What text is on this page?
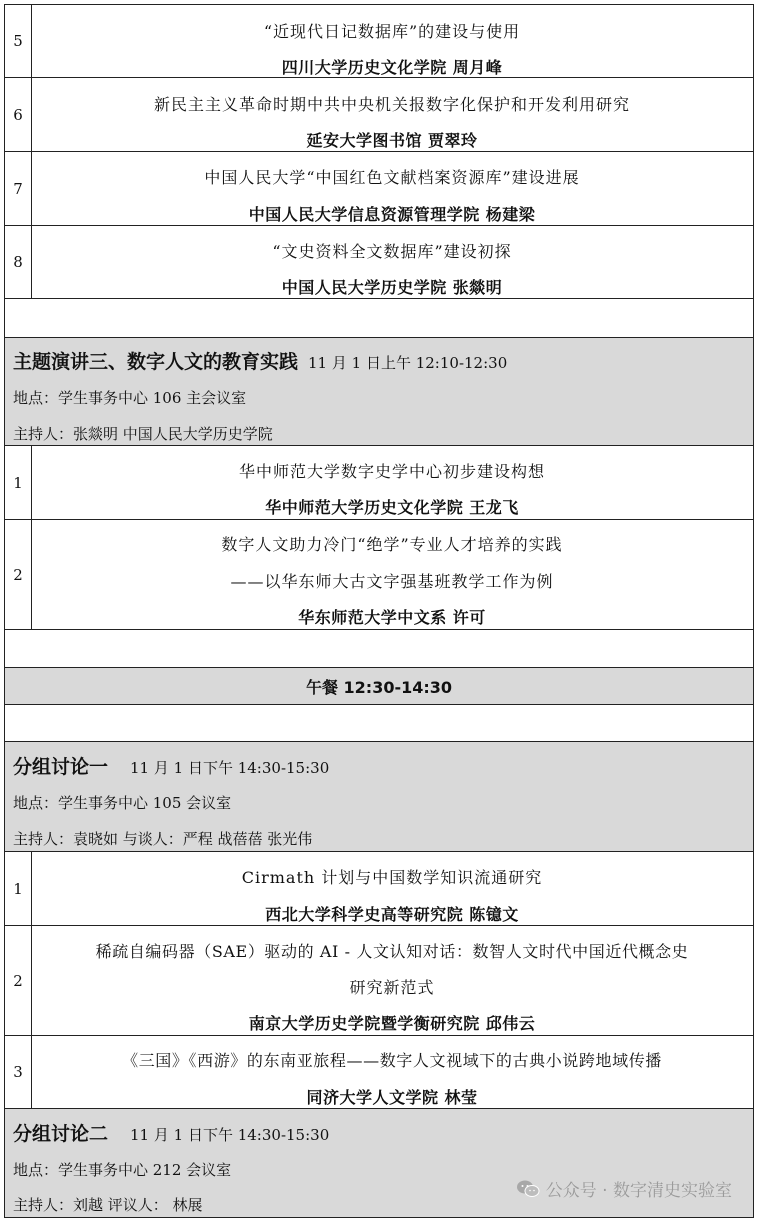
5	“近现代日记数据库”的建设与使用
四川大学历史文化学院 周月峰
6
新民主主义革命时期中共中央机关报数字化保护和开发利用研究
延安大学图书馆 贾翠玲
7
中国人民大学“中国红色文献档案资源库”建设进展
中国人民大学信息资源管理学院 杨建梁
8
“文史资料全文数据库”建设初探
中国人民大学历史学院 张燚明
主题演讲三、数字人文的教育实践 11 月 1 日上午 12:10-12:30
地点：学生事务中心 106 主会议室
主持人：张燚明 中国人民大学历史学院
1
华中师范大学数字史学中心初步建设构想
华中师范大学历史文化学院 王龙飞
2
数字人文助力冷门“绝学”专业人才培养的实践
——以华东师大古文字强基班教学工作为例
华东师范大学中文系 许可
午餐 12:30-14:30
分组讨论一 11 月 1 日下午 14:30-15:30
地点：学生事务中心 105 会议室
主持人：袁晓如 与谈人：严程 战蓓蓓 张光伟
1
Cirmath 计划与中国数学知识流通研究
西北大学科学史高等研究院 陈镱文
2
稀疏自编码器（SAE）驱动的 AI - 人文认知对话：数智人文时代中国近代概念史
研究新范式
南京大学历史学院暨学衡研究院 邱伟云
3
《三国》《西游》的东南亚旅程——数字人文视域下的古典小说跨地域传播
同济大学人文学院 林莹
分组讨论二 11 月 1 日下午 14:30-15:30
地点：学生事务中心 212 会议室
主持人：刘越 评议人： 林展
公众号 · 数字清史实验室
